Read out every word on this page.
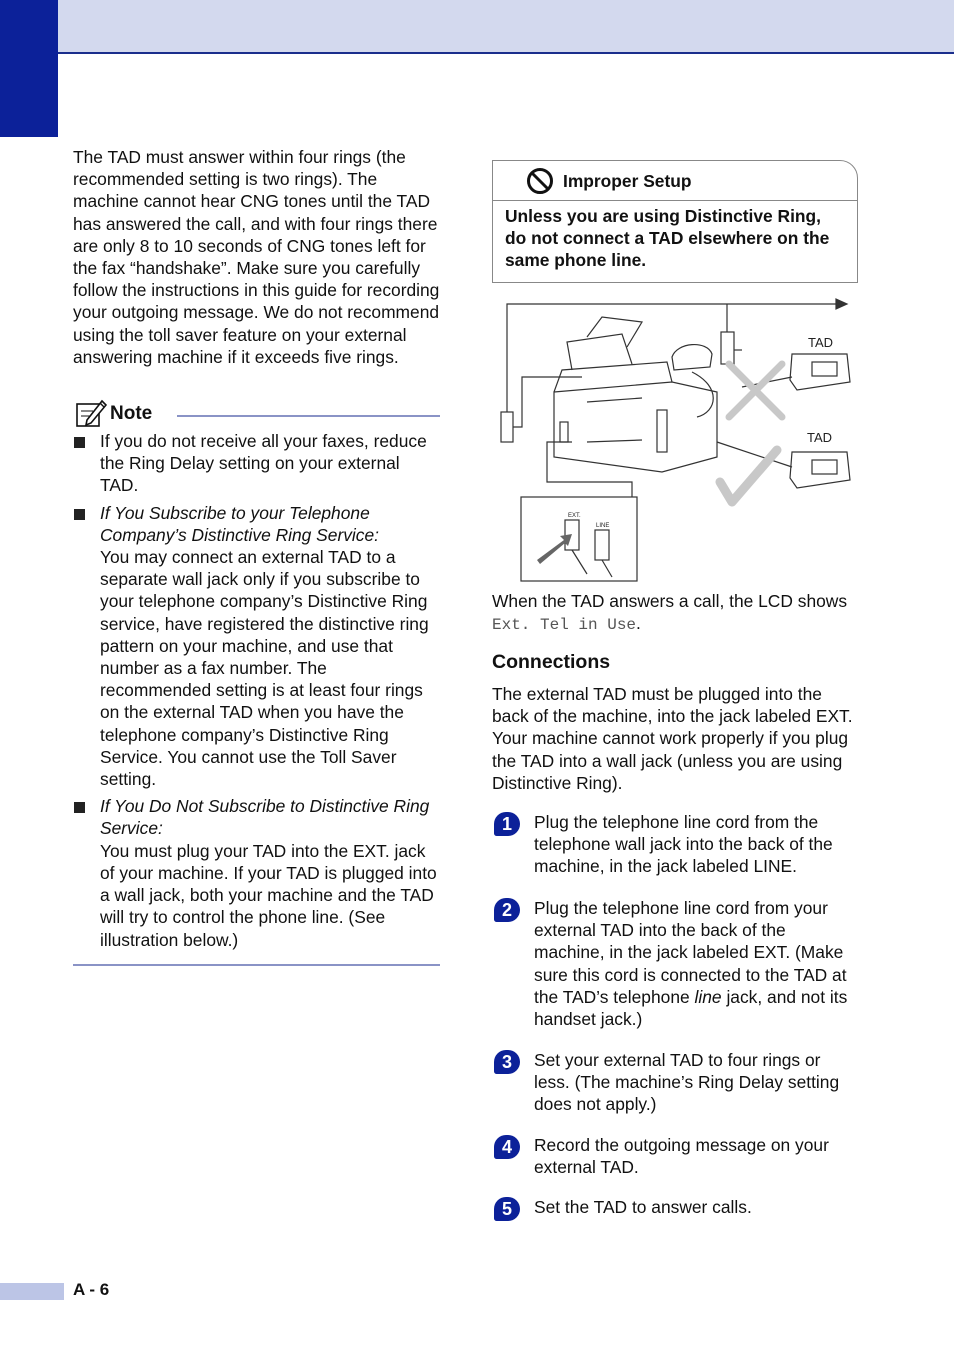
The TAD must answer within four rings (the recommended setting is two rings). The machine cannot hear CNG tones until the TAD has answered the call, and with four rings there are only 8 to 10 seconds of CNG tones left for the fax “handshake”. Make sure you carefully follow the instructions in this guide for recording your outgoing message. We do not recommend using the toll saver feature on your external answering machine if it exceeds five rings.

Note
If you do not receive all your faxes, reduce the Ring Delay setting on your external TAD.
If You Subscribe to your Telephone Company’s Distinctive Ring Service:
You may connect an external TAD to a separate wall jack only if you subscribe to your telephone company’s Distinctive Ring service, have registered the distinctive ring pattern on your machine, and use that number as a fax number. The recommended setting is at least four rings on the external TAD when you have the telephone company’s Distinctive Ring Service. You cannot use the Toll Saver setting.
If You Do Not Subscribe to Distinctive Ring Service:
You must plug your TAD into the EXT. jack of your machine. If your TAD is plugged into a wall jack, both your machine and the TAD will try to control the phone line. (See illustration below.)
Improper Setup
Unless you are using Distinctive Ring, do not connect a TAD elsewhere on the same phone line.
TAD
TAD
EXT.
LINE
When the TAD answers a call, the LCD shows Ext. Tel in Use.
Connections
The external TAD must be plugged into the back of the machine, into the jack labeled EXT. Your machine cannot work properly if you plug the TAD into a wall jack (unless you are using Distinctive Ring).
1	Plug the telephone line cord from the telephone wall jack into the back of the machine, in the jack labeled LINE.
2	Plug the telephone line cord from your external TAD into the back of the machine, in the jack labeled EXT. (Make sure this cord is connected to the TAD at the TAD’s telephone line jack, and not its handset jack.)
3	Set your external TAD to four rings or less. (The machine’s Ring Delay setting does not apply.)
4	Record the outgoing message on your external TAD.
5	Set the TAD to answer calls.
A - 6
